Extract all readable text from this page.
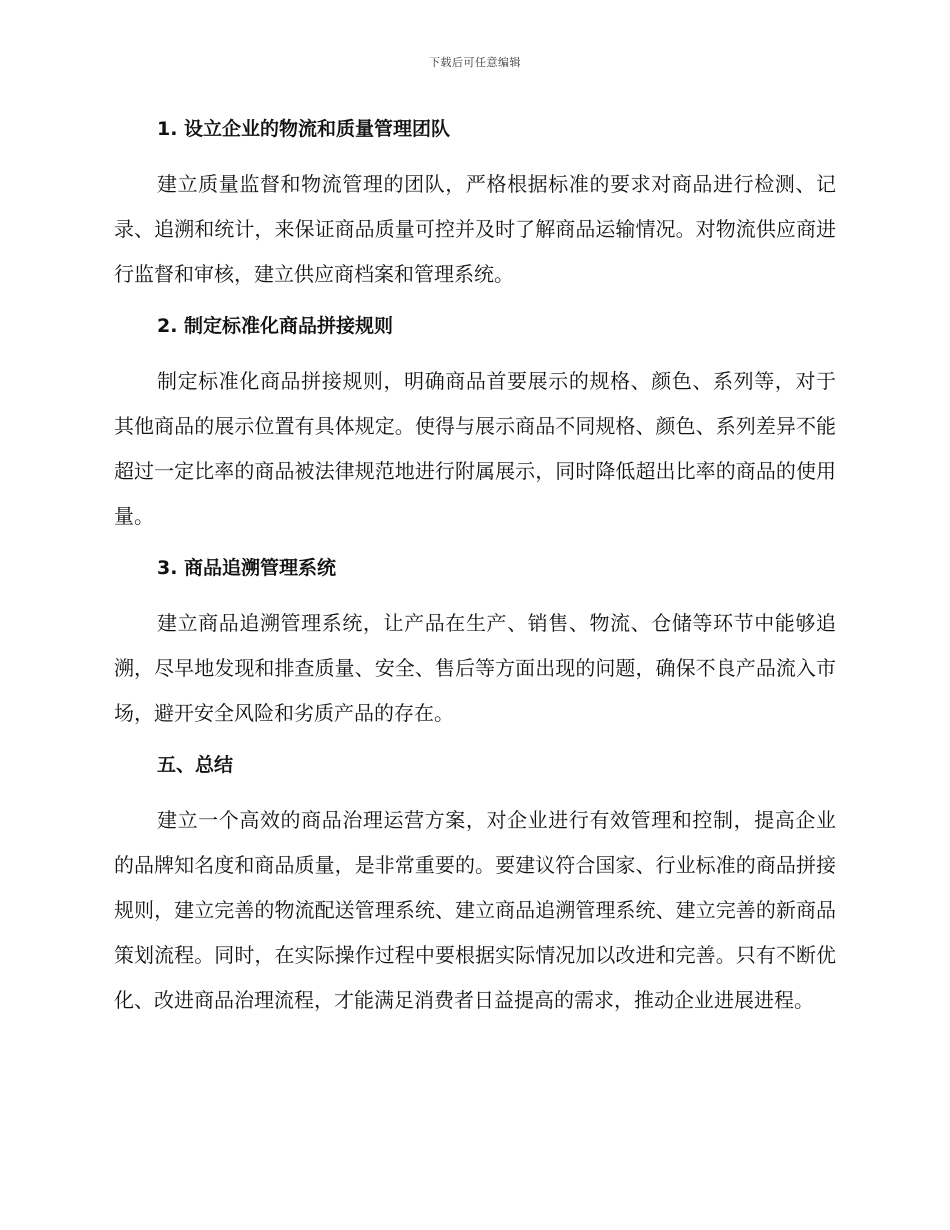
下载后可任意编辑
1. 设立企业的物流和质量管理团队

建立质量监督和物流管理的团队，严格根据标准的要求对商品进行检测、记录、追溯和统计，来保证商品质量可控并及时了解商品运输情况。对物流供应商进行监督和审核，建立供应商档案和管理系统。

2. 制定标准化商品拼接规则

制定标准化商品拼接规则，明确商品首要展示的规格、颜色、系列等，对于其他商品的展示位置有具体规定。使得与展示商品不同规格、颜色、系列差异不能超过一定比率的商品被法律规范地进行附属展示，同时降低超出比率的商品的使用量。

3. 商品追溯管理系统

建立商品追溯管理系统，让产品在生产、销售、物流、仓储等环节中能够追溯，尽早地发现和排查质量、安全、售后等方面出现的问题，确保不良产品流入市场，避开安全风险和劣质产品的存在。

五、总结

建立一个高效的商品治理运营方案，对企业进行有效管理和控制，提高企业的品牌知名度和商品质量，是非常重要的。要建议符合国家、行业标准的商品拼接规则，建立完善的物流配送管理系统、建立商品追溯管理系统、建立完善的新商品策划流程。同时，在实际操作过程中要根据实际情况加以改进和完善。只有不断优化、改进商品治理流程，才能满足消费者日益提高的需求，推动企业进展进程。
